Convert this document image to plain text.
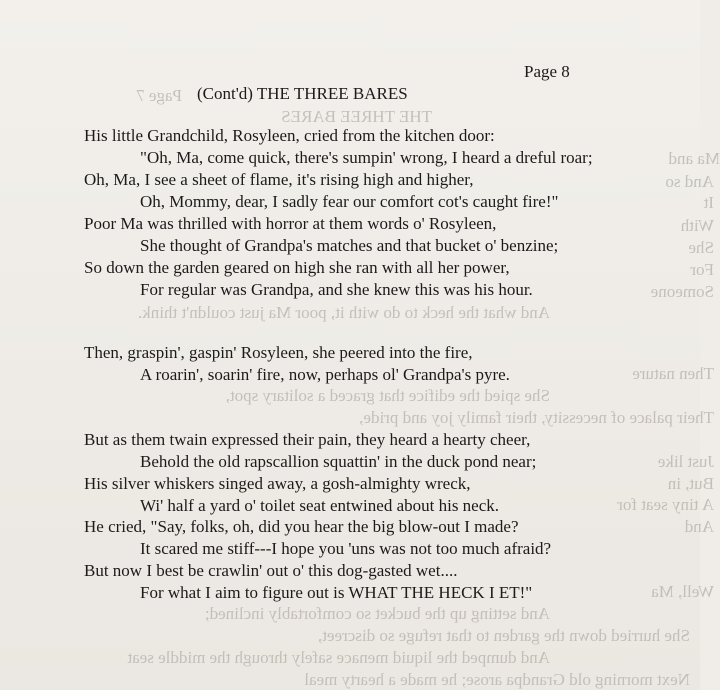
Page 7
THE THREE BARES
Ma and
And so
It
With
She
For
Someone
And what the heck to do with it, poor Ma just couldn't think.
Then nature
She spied the edifice that graced a solitary spot,
Their palace of necessity, their family joy and pride,
Just like
But, in
A tiny seat for
And
Well, Ma
And setting up the bucket so comfortably inclined;
She hurried down the garden to that refuge so discreet,
And dumped the liquid menace safely through the middle seat
Next morning old Grandpa arose; he made a hearty meal
Page 8
(Cont'd) THE THREE BARES
His little Grandchild, Rosyleen, cried from the kitchen door:
"Oh, Ma, come quick, there's sumpin' wrong, I heard a dreful roar;
Oh, Ma, I see a sheet of flame, it's rising high and higher,
Oh, Mommy, dear, I sadly fear our comfort cot's caught fire!"
Poor Ma was thrilled with horror at them words o' Rosyleen,
She thought of Grandpa's matches and that bucket o' benzine;
So down the garden geared on high she ran with all her power,
For regular was Grandpa, and she knew this was his hour.
Then, graspin', gaspin' Rosyleen, she peered into the fire,
A roarin', soarin' fire, now, perhaps ol' Grandpa's pyre.
But as them twain expressed their pain, they heard a hearty cheer,
Behold the old rapscallion squattin' in the duck pond near;
His silver whiskers singed away, a gosh-almighty wreck,
Wi' half a yard o' toilet seat entwined about his neck.
He cried, "Say, folks, oh, did you hear the big blow-out I made?
It scared me stiff---I hope you 'uns was not too much afraid?
But now I best be crawlin' out o' this dog-gasted wet....
For what I aim to figure out is WHAT THE HECK I ET!"
